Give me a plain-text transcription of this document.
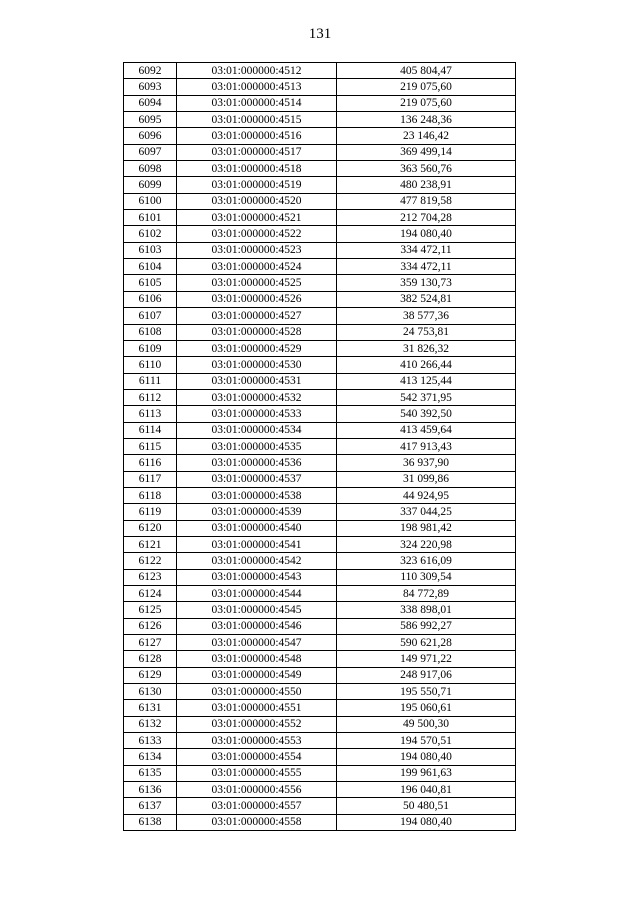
131
6092	03:01:000000:4512	405 804,47
6093	03:01:000000:4513	219 075,60
6094	03:01:000000:4514	219 075,60
6095	03:01:000000:4515	136 248,36
6096	03:01:000000:4516	23 146,42
6097	03:01:000000:4517	369 499,14
6098	03:01:000000:4518	363 560,76
6099	03:01:000000:4519	480 238,91
6100	03:01:000000:4520	477 819,58
6101	03:01:000000:4521	212 704,28
6102	03:01:000000:4522	194 080,40
6103	03:01:000000:4523	334 472,11
6104	03:01:000000:4524	334 472,11
6105	03:01:000000:4525	359 130,73
6106	03:01:000000:4526	382 524,81
6107	03:01:000000:4527	38 577,36
6108	03:01:000000:4528	24 753,81
6109	03:01:000000:4529	31 826,32
6110	03:01:000000:4530	410 266,44
6111	03:01:000000:4531	413 125,44
6112	03:01:000000:4532	542 371,95
6113	03:01:000000:4533	540 392,50
6114	03:01:000000:4534	413 459,64
6115	03:01:000000:4535	417 913,43
6116	03:01:000000:4536	36 937,90
6117	03:01:000000:4537	31 099,86
6118	03:01:000000:4538	44 924,95
6119	03:01:000000:4539	337 044,25
6120	03:01:000000:4540	198 981,42
6121	03:01:000000:4541	324 220,98
6122	03:01:000000:4542	323 616,09
6123	03:01:000000:4543	110 309,54
6124	03:01:000000:4544	84 772,89
6125	03:01:000000:4545	338 898,01
6126	03:01:000000:4546	586 992,27
6127	03:01:000000:4547	590 621,28
6128	03:01:000000:4548	149 971,22
6129	03:01:000000:4549	248 917,06
6130	03:01:000000:4550	195 550,71
6131	03:01:000000:4551	195 060,61
6132	03:01:000000:4552	49 500,30
6133	03:01:000000:4553	194 570,51
6134	03:01:000000:4554	194 080,40
6135	03:01:000000:4555	199 961,63
6136	03:01:000000:4556	196 040,81
6137	03:01:000000:4557	50 480,51
6138	03:01:000000:4558	194 080,40
